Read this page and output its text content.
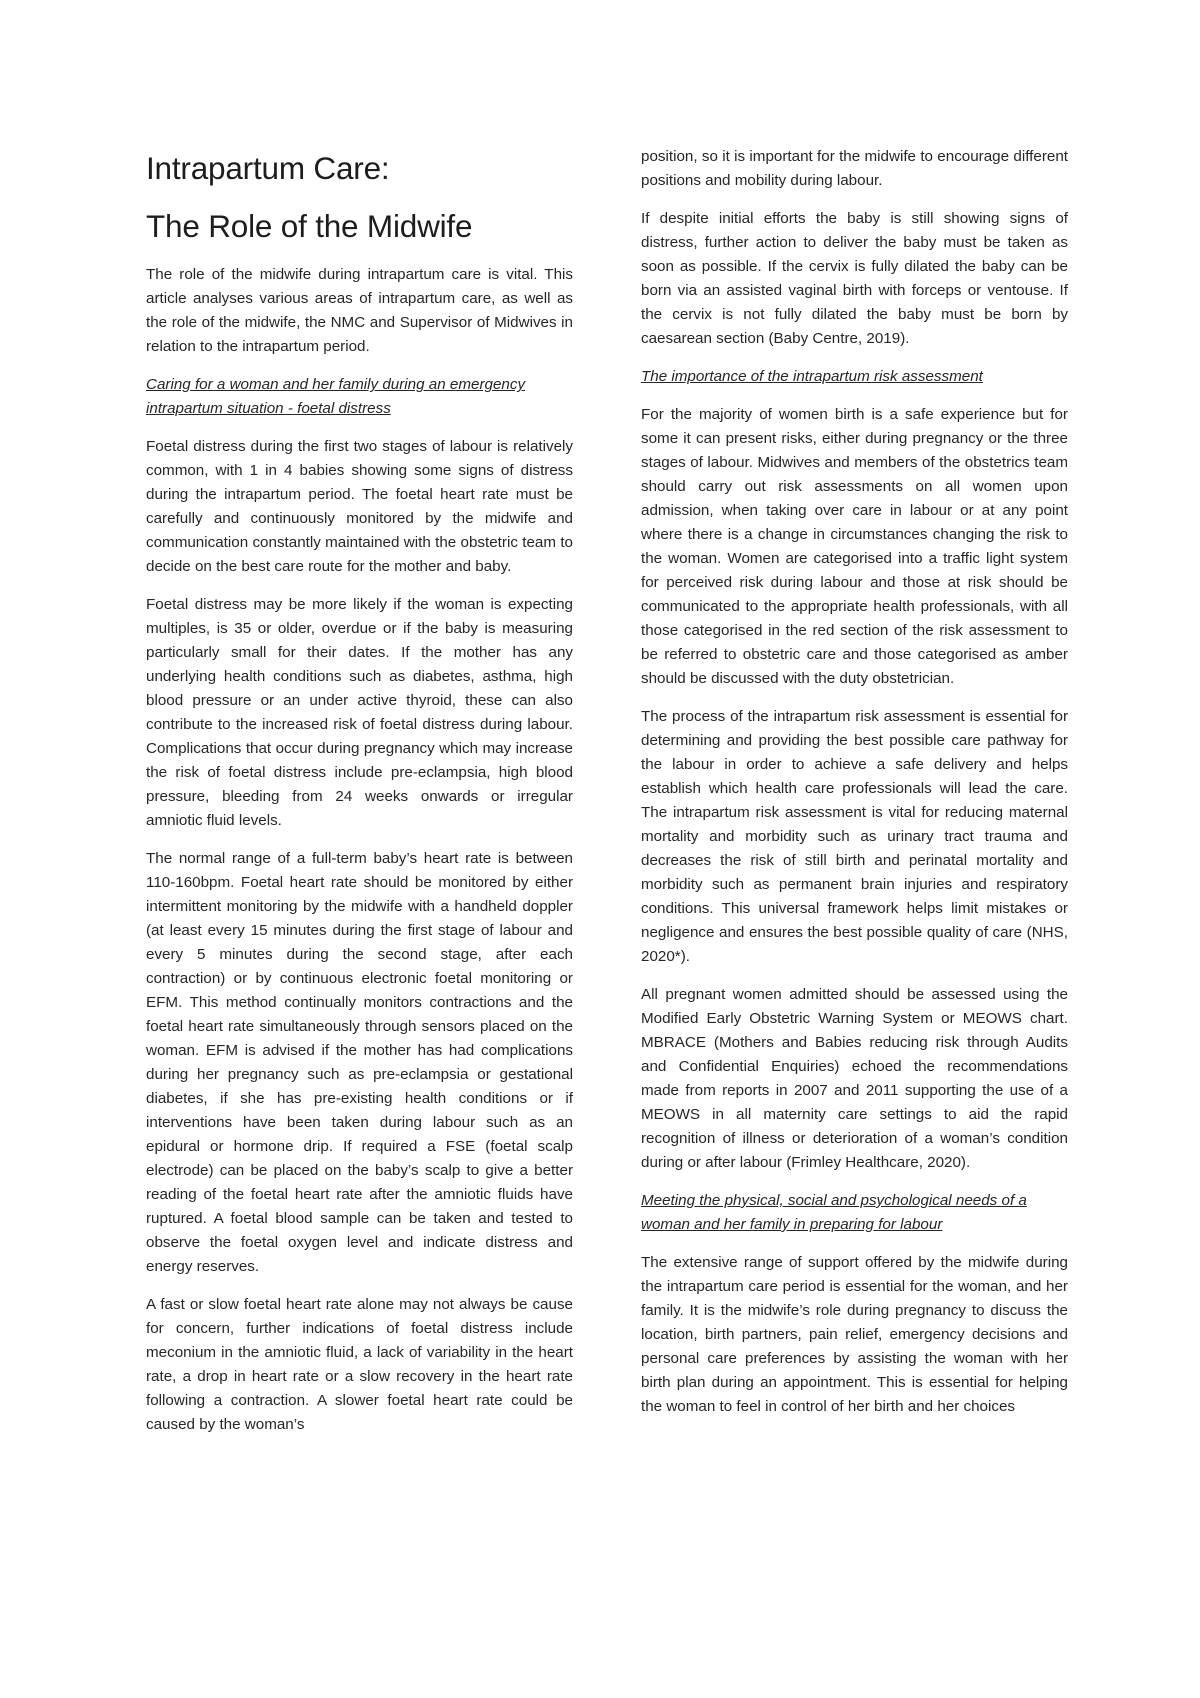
Intrapartum Care:
The Role of the Midwife

The role of the midwife during intrapartum care is vital. This article analyses various areas of intrapartum care, as well as the role of the midwife, the NMC and Supervisor of Midwives in relation to the intrapartum period.

Caring for a woman and her family during an emergency intrapartum situation - foetal distress

Foetal distress during the first two stages of labour is relatively common, with 1 in 4 babies showing some signs of distress during the intrapartum period. The foetal heart rate must be carefully and continuously monitored by the midwife and communication constantly maintained with the obstetric team to decide on the best care route for the mother and baby.

Foetal distress may be more likely if the woman is expecting multiples, is 35 or older, overdue or if the baby is measuring particularly small for their dates. If the mother has any underlying health conditions such as diabetes, asthma, high blood pressure or an under active thyroid, these can also contribute to the increased risk of foetal distress during labour. Complications that occur during pregnancy which may increase the risk of foetal distress include pre-eclampsia, high blood pressure, bleeding from 24 weeks onwards or irregular amniotic fluid levels.

The normal range of a full-term baby’s heart rate is between 110-160bpm. Foetal heart rate should be monitored by either intermittent monitoring by the midwife with a handheld doppler (at least every 15 minutes during the first stage of labour and every 5 minutes during the second stage, after each contraction) or by continuous electronic foetal monitoring or EFM. This method continually monitors contractions and the foetal heart rate simultaneously through sensors placed on the woman. EFM is advised if the mother has had complications during her pregnancy such as pre-eclampsia or gestational diabetes, if she has pre-existing health conditions or if interventions have been taken during labour such as an epidural or hormone drip. If required a FSE (foetal scalp electrode) can be placed on the baby’s scalp to give a better reading of the foetal heart rate after the amniotic fluids have ruptured. A foetal blood sample can be taken and tested to observe the foetal oxygen level and indicate distress and energy reserves.

A fast or slow foetal heart rate alone may not always be cause for concern, further indications of foetal distress include meconium in the amniotic fluid, a lack of variability in the heart rate, a drop in heart rate or a slow recovery in the heart rate following a contraction. A slower foetal heart rate could be caused by the woman’s

position, so it is important for the midwife to encourage different positions and mobility during labour.

If despite initial efforts the baby is still showing signs of distress, further action to deliver the baby must be taken as soon as possible. If the cervix is fully dilated the baby can be born via an assisted vaginal birth with forceps or ventouse. If the cervix is not fully dilated the baby must be born by caesarean section (Baby Centre, 2019).

The importance of the intrapartum risk assessment

For the majority of women birth is a safe experience but for some it can present risks, either during pregnancy or the three stages of labour. Midwives and members of the obstetrics team should carry out risk assessments on all women upon admission, when taking over care in labour or at any point where there is a change in circumstances changing the risk to the woman. Women are categorised into a traffic light system for perceived risk during labour and those at risk should be communicated to the appropriate health professionals, with all those categorised in the red section of the risk assessment to be referred to obstetric care and those categorised as amber should be discussed with the duty obstetrician.

The process of the intrapartum risk assessment is essential for determining and providing the best possible care pathway for the labour in order to achieve a safe delivery and helps establish which health care professionals will lead the care. The intrapartum risk assessment is vital for reducing maternal mortality and morbidity such as urinary tract trauma and decreases the risk of still birth and perinatal mortality and morbidity such as permanent brain injuries and respiratory conditions. This universal framework helps limit mistakes or negligence and ensures the best possible quality of care (NHS, 2020*).

All pregnant women admitted should be assessed using the Modified Early Obstetric Warning System or MEOWS chart. MBRACE (Mothers and Babies reducing risk through Audits and Confidential Enquiries) echoed the recommendations made from reports in 2007 and 2011 supporting the use of a MEOWS in all maternity care settings to aid the rapid recognition of illness or deterioration of a woman’s condition during or after labour (Frimley Healthcare, 2020).

Meeting the physical, social and psychological needs of a woman and her family in preparing for labour

The extensive range of support offered by the midwife during the intrapartum care period is essential for the woman, and her family. It is the midwife’s role during pregnancy to discuss the location, birth partners, pain relief, emergency decisions and personal care preferences by assisting the woman with her birth plan during an appointment. This is essential for helping the woman to feel in control of her birth and her choices
